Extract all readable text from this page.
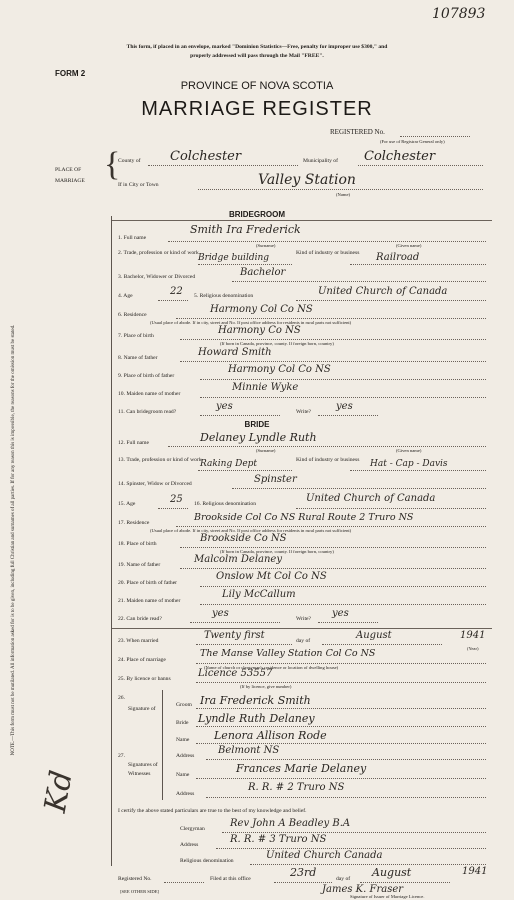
107893
This form, if placed in an envelope, marked "Dominion Statistics—Free, penalty for improper use $300," and
properly addressed will pass through the Mail "FREE".
FORM 2
PROVINCE OF NOVA SCOTIA
MARRIAGE REGISTER
REGISTERED No.
(For use of Registrar General only)
PLACE OF
MARRIAGE {
County of Colchester	Municipality of Colchester
If in City or Town	Valley Station
(Name)
NOTE.—This form must not be mutilated. All information asked for is to be given, including full Christian and surnames of all parties. If for any reason this is impossible, the reasons for the omission must be stated.
Kd
BRIDEGROOM
1. Full name
Smith Ira Frederick
(Surname)	(Given name)
2. Trade, profession or kind of work Bridge building	Kind of industry or business	Railroad
3. Bachelor, Widower or Divorced	Bachelor
4. Age	22 5. Religious denomination	United Church of Canada
6. Residence	Harmony Col Co NS
(Usual place of abode. If in city, street and No. If post office address for residents in rural parts not sufficient)
7. Place of birth	Harmony Co NS
(If born in Canada, province, county. If foreign born, country)
8. Name of father	Howard Smith
9. Place of birth of father
Harmony Col Co NS
10. Maiden name of mother
Minnie Wyke
11. Can bridegroom read?	yes	Write?	yes
BRIDE
12. Full name	Delaney Lyndle Ruth
(Surname)	(Given name)
13. Trade, profession or kind of work
Raking Dept	Kind of industry or business	Hat - Cap - Davis
14. Spinster, Widow or Divorced	Spinster
15. Age	25 16. Religious denomination	United Church of Canada
17. Residence	Brookside Col Co NS Rural Route 2 Truro NS
(Usual place of abode. If in city, street and No. If post office address for residents in rural parts not sufficient)
18. Place of birth	Brookside Co NS
(If born in Canada, province, county. If foreign born, country)
19. Name of father	Malcolm Delaney
20. Place of birth of father
Onslow Mt Col Co NS
21. Maiden name of mother
Lily McCallum
22. Can bride read?	yes	Write? yes
23. When married	Twenty first	day of	August	1941
(Year)
24. Place of marriage
The Manse Valley Station Col Co NS
(Name of church or clergyman's residence or location of dwelling house)
25. By licence or banns	Licence 53557
(If by licence, give number)
26.
Signature of
Groom Ira Frederick Smith
Bride Lyndle Ruth Delaney
Name Lenora Allison Rode
Address Belmont NS
27.
Signatures of
Witnesses	Name	Frances Marie Delaney
Address
R. R. # 2 Truro NS
I certify the above stated particulars are true to the best of my knowledge and belief.
Clergyman	Rev John A Beadley B.A
Address	R. R. # 3 Truro NS
Religious denomination	United Church Canada
Registered No.	Filed at this office	23rd	day of August	1941
James K. Fraser
Signature of Issuer of Marriage Licence.
[SEE OTHER SIDE]
